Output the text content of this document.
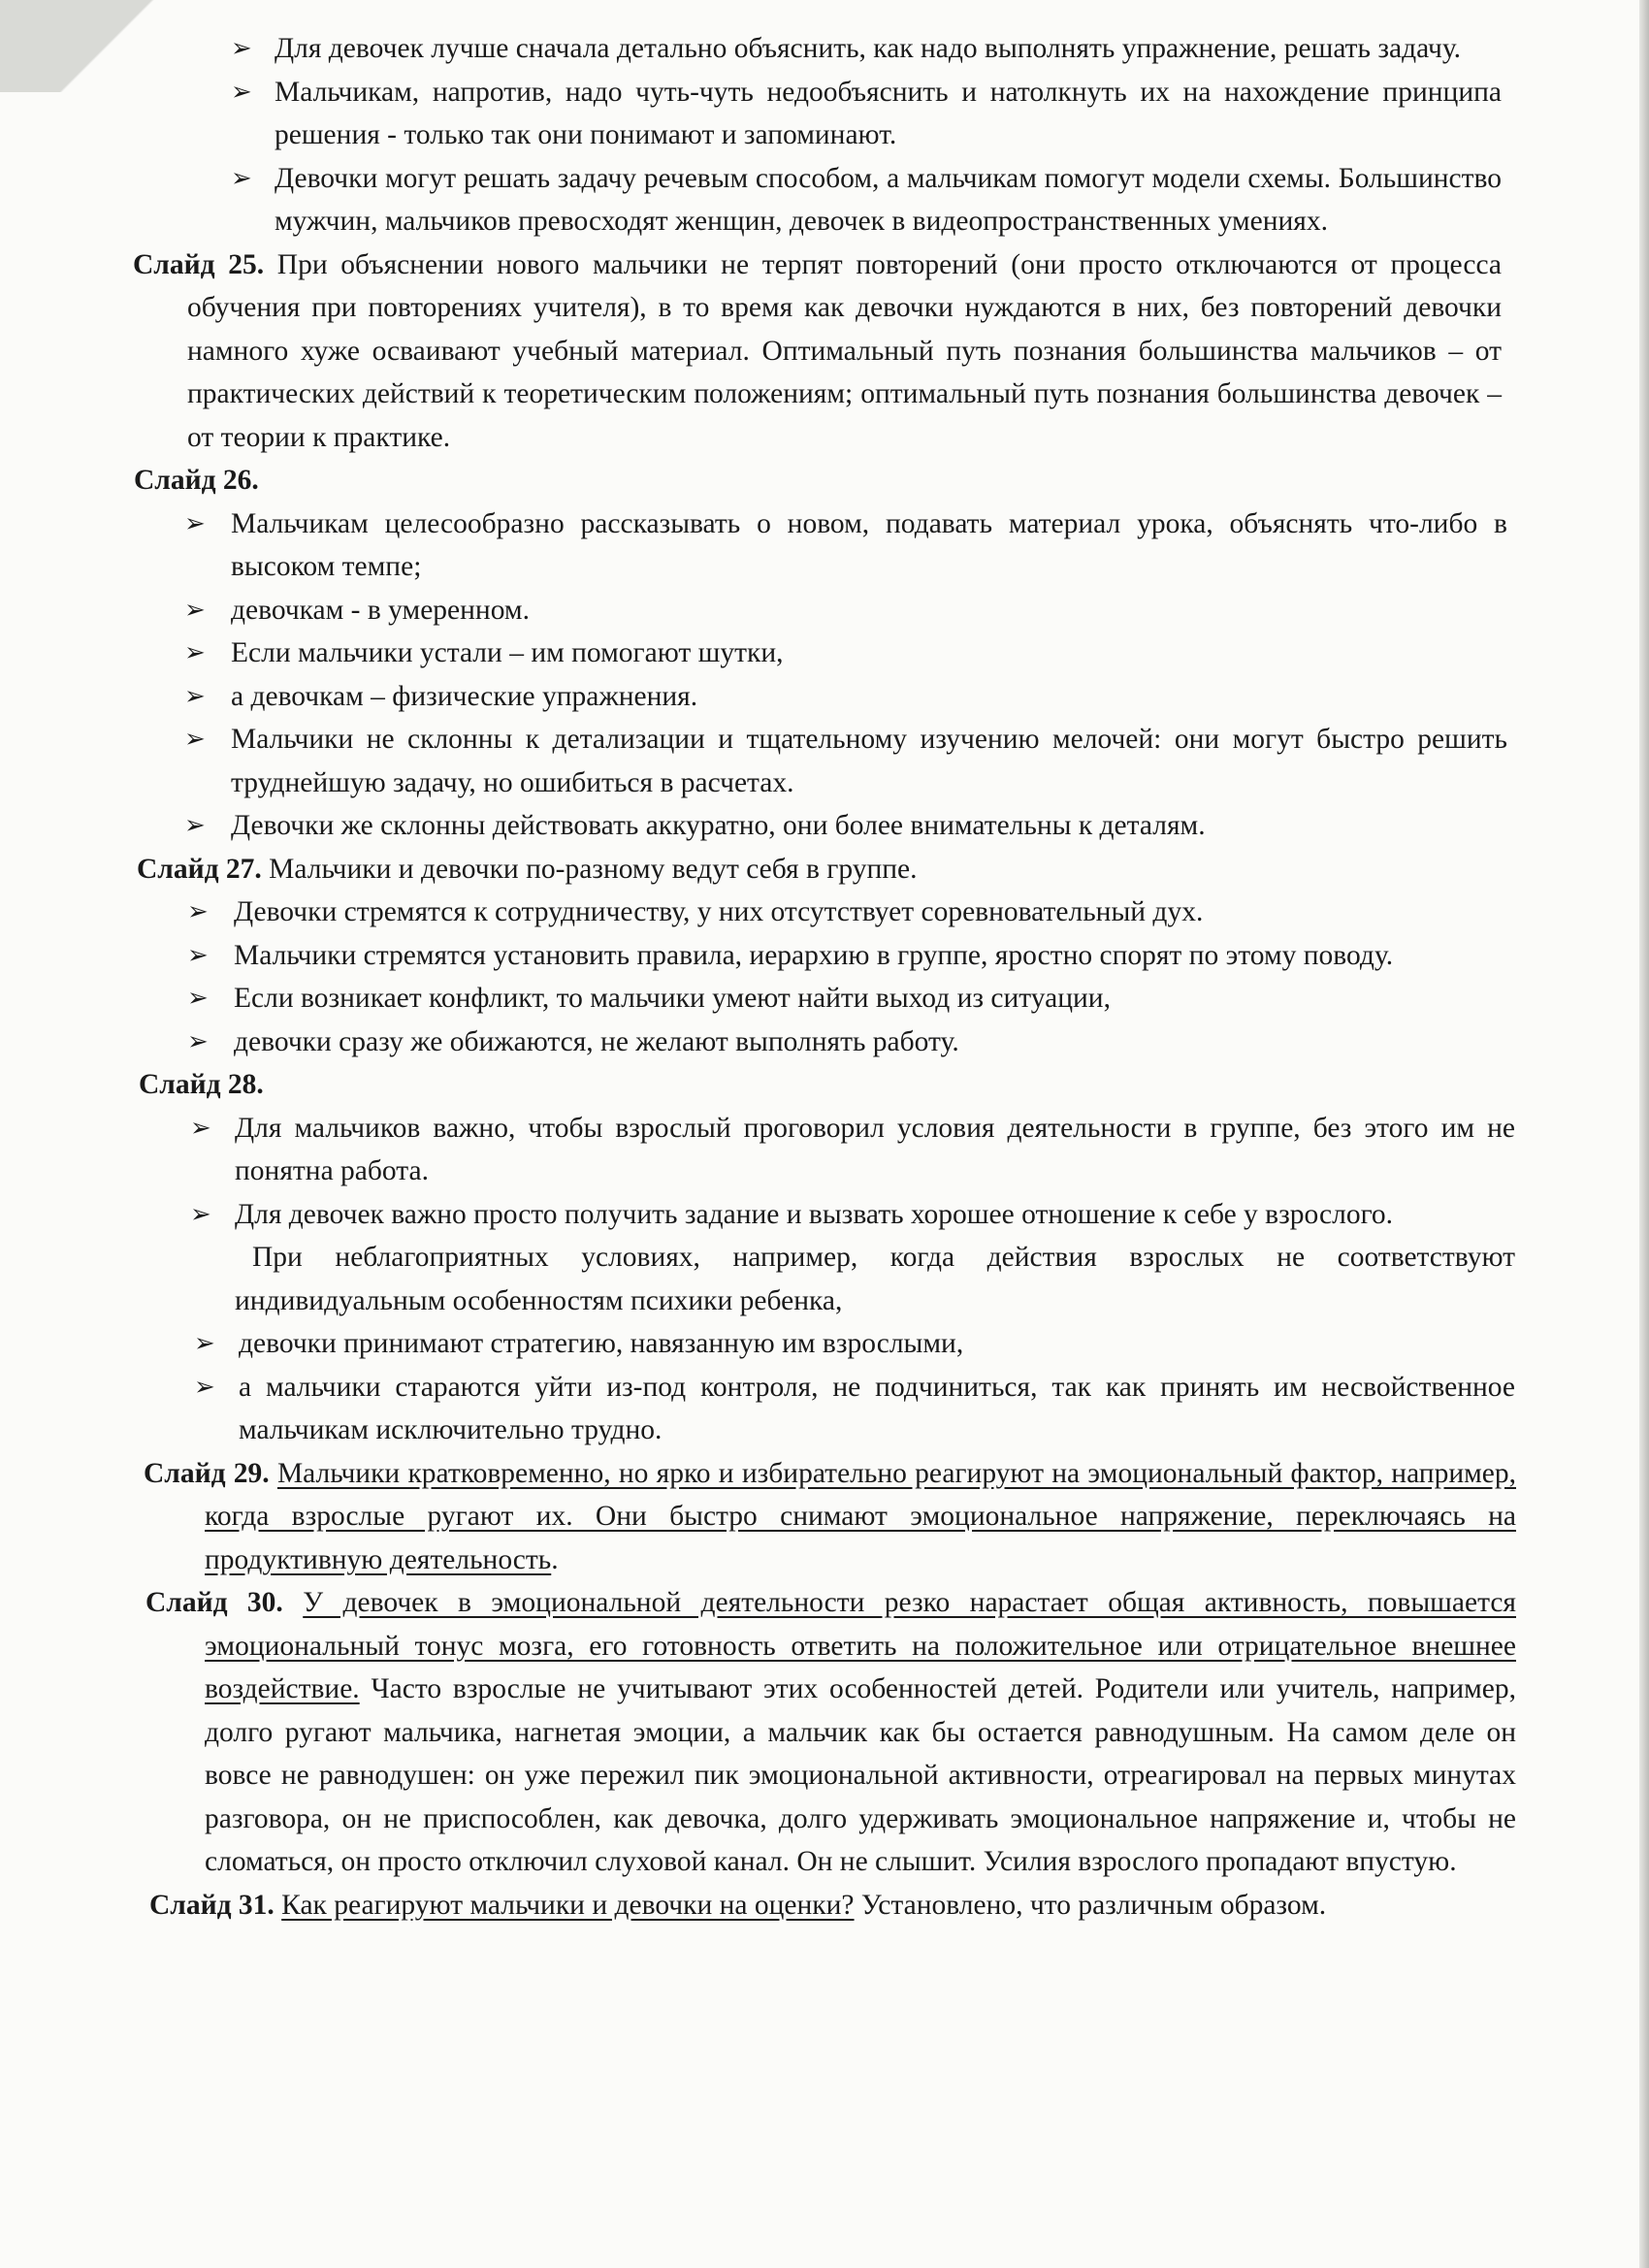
➢ Для девочек лучше сначала детально объяснить, как надо выполнять упражнение, решать задачу.
➢ Мальчикам, напротив, надо чуть-чуть недообъяснить и натолкнуть их на нахождение принципа решения - только так они понимают и запоминают.
➢ Девочки могут решать задачу речевым способом, а мальчикам помогут модели схемы. Большинство мужчин, мальчиков превосходят женщин, девочек в видеопространственных умениях.
Слайд 25. При объяснении нового мальчики не терпят повторений (они просто отключаются от процесса обучения при повторениях учителя), в то время как девочки нуждаются в них, без повторений девочки намного хуже осваивают учебный материал. Оптимальный путь познания большинства мальчиков – от практических действий к теоретическим положениям; оптимальный путь познания большинства девочек – от теории к практике.
Слайд 26.
➢ Мальчикам целесообразно рассказывать о новом, подавать материал урока, объяснять что-либо в высоком темпе;
➢ девочкам - в умеренном.
➢ Если мальчики устали – им помогают шутки,
➢ а девочкам – физические упражнения.
➢ Мальчики не склонны к детализации и тщательному изучению мелочей: они могут быстро решить труднейшую задачу, но ошибиться в расчетах.
➢ Девочки же склонны действовать аккуратно, они более внимательны к деталям.
Слайд 27. Мальчики и девочки по-разному ведут себя в группе.
➢ Девочки стремятся к сотрудничеству, у них отсутствует соревновательный дух.
➢ Мальчики стремятся установить правила, иерархию в группе, яростно спорят по этому поводу.
➢ Если возникает конфликт, то мальчики умеют найти выход из ситуации,
➢ девочки сразу же обижаются, не желают выполнять работу.
Слайд 28.
➢ Для мальчиков важно, чтобы взрослый проговорил условия деятельности в группе, без этого им не понятна работа.
➢ Для девочек важно просто получить задание и вызвать хорошее отношение к себе у взрослого.
При неблагоприятных условиях, например, когда действия взрослых не соответствуют индивидуальным особенностям психики ребенка,
➢ девочки принимают стратегию, навязанную им взрослыми,
➢ а мальчики стараются уйти из-под контроля, не подчиниться, так как принять им несвойственное мальчикам исключительно трудно.
Слайд 29. Мальчики кратковременно, но ярко и избирательно реагируют на эмоциональный фактор, например, когда взрослые ругают их. Они быстро снимают эмоциональное напряжение, переключаясь на продуктивную деятельность.
Слайд 30. У девочек в эмоциональной деятельности резко нарастает общая активность, повышается эмоциональный тонус мозга, его готовность ответить на положительное или отрицательное внешнее воздействие. Часто взрослые не учитывают этих особенностей детей. Родители или учитель, например, долго ругают мальчика, нагнетая эмоции, а мальчик как бы остается равнодушным. На самом деле он вовсе не равнодушен: он уже пережил пик эмоциональной активности, отреагировал на первых минутах разговора, он не приспособлен, как девочка, долго удерживать эмоциональное напряжение и, чтобы не сломаться, он просто отключил слуховой канал. Он не слышит. Усилия взрослого пропадают впустую.
Слайд 31. Как реагируют мальчики и девочки на оценки? Установлено, что различным образом.
